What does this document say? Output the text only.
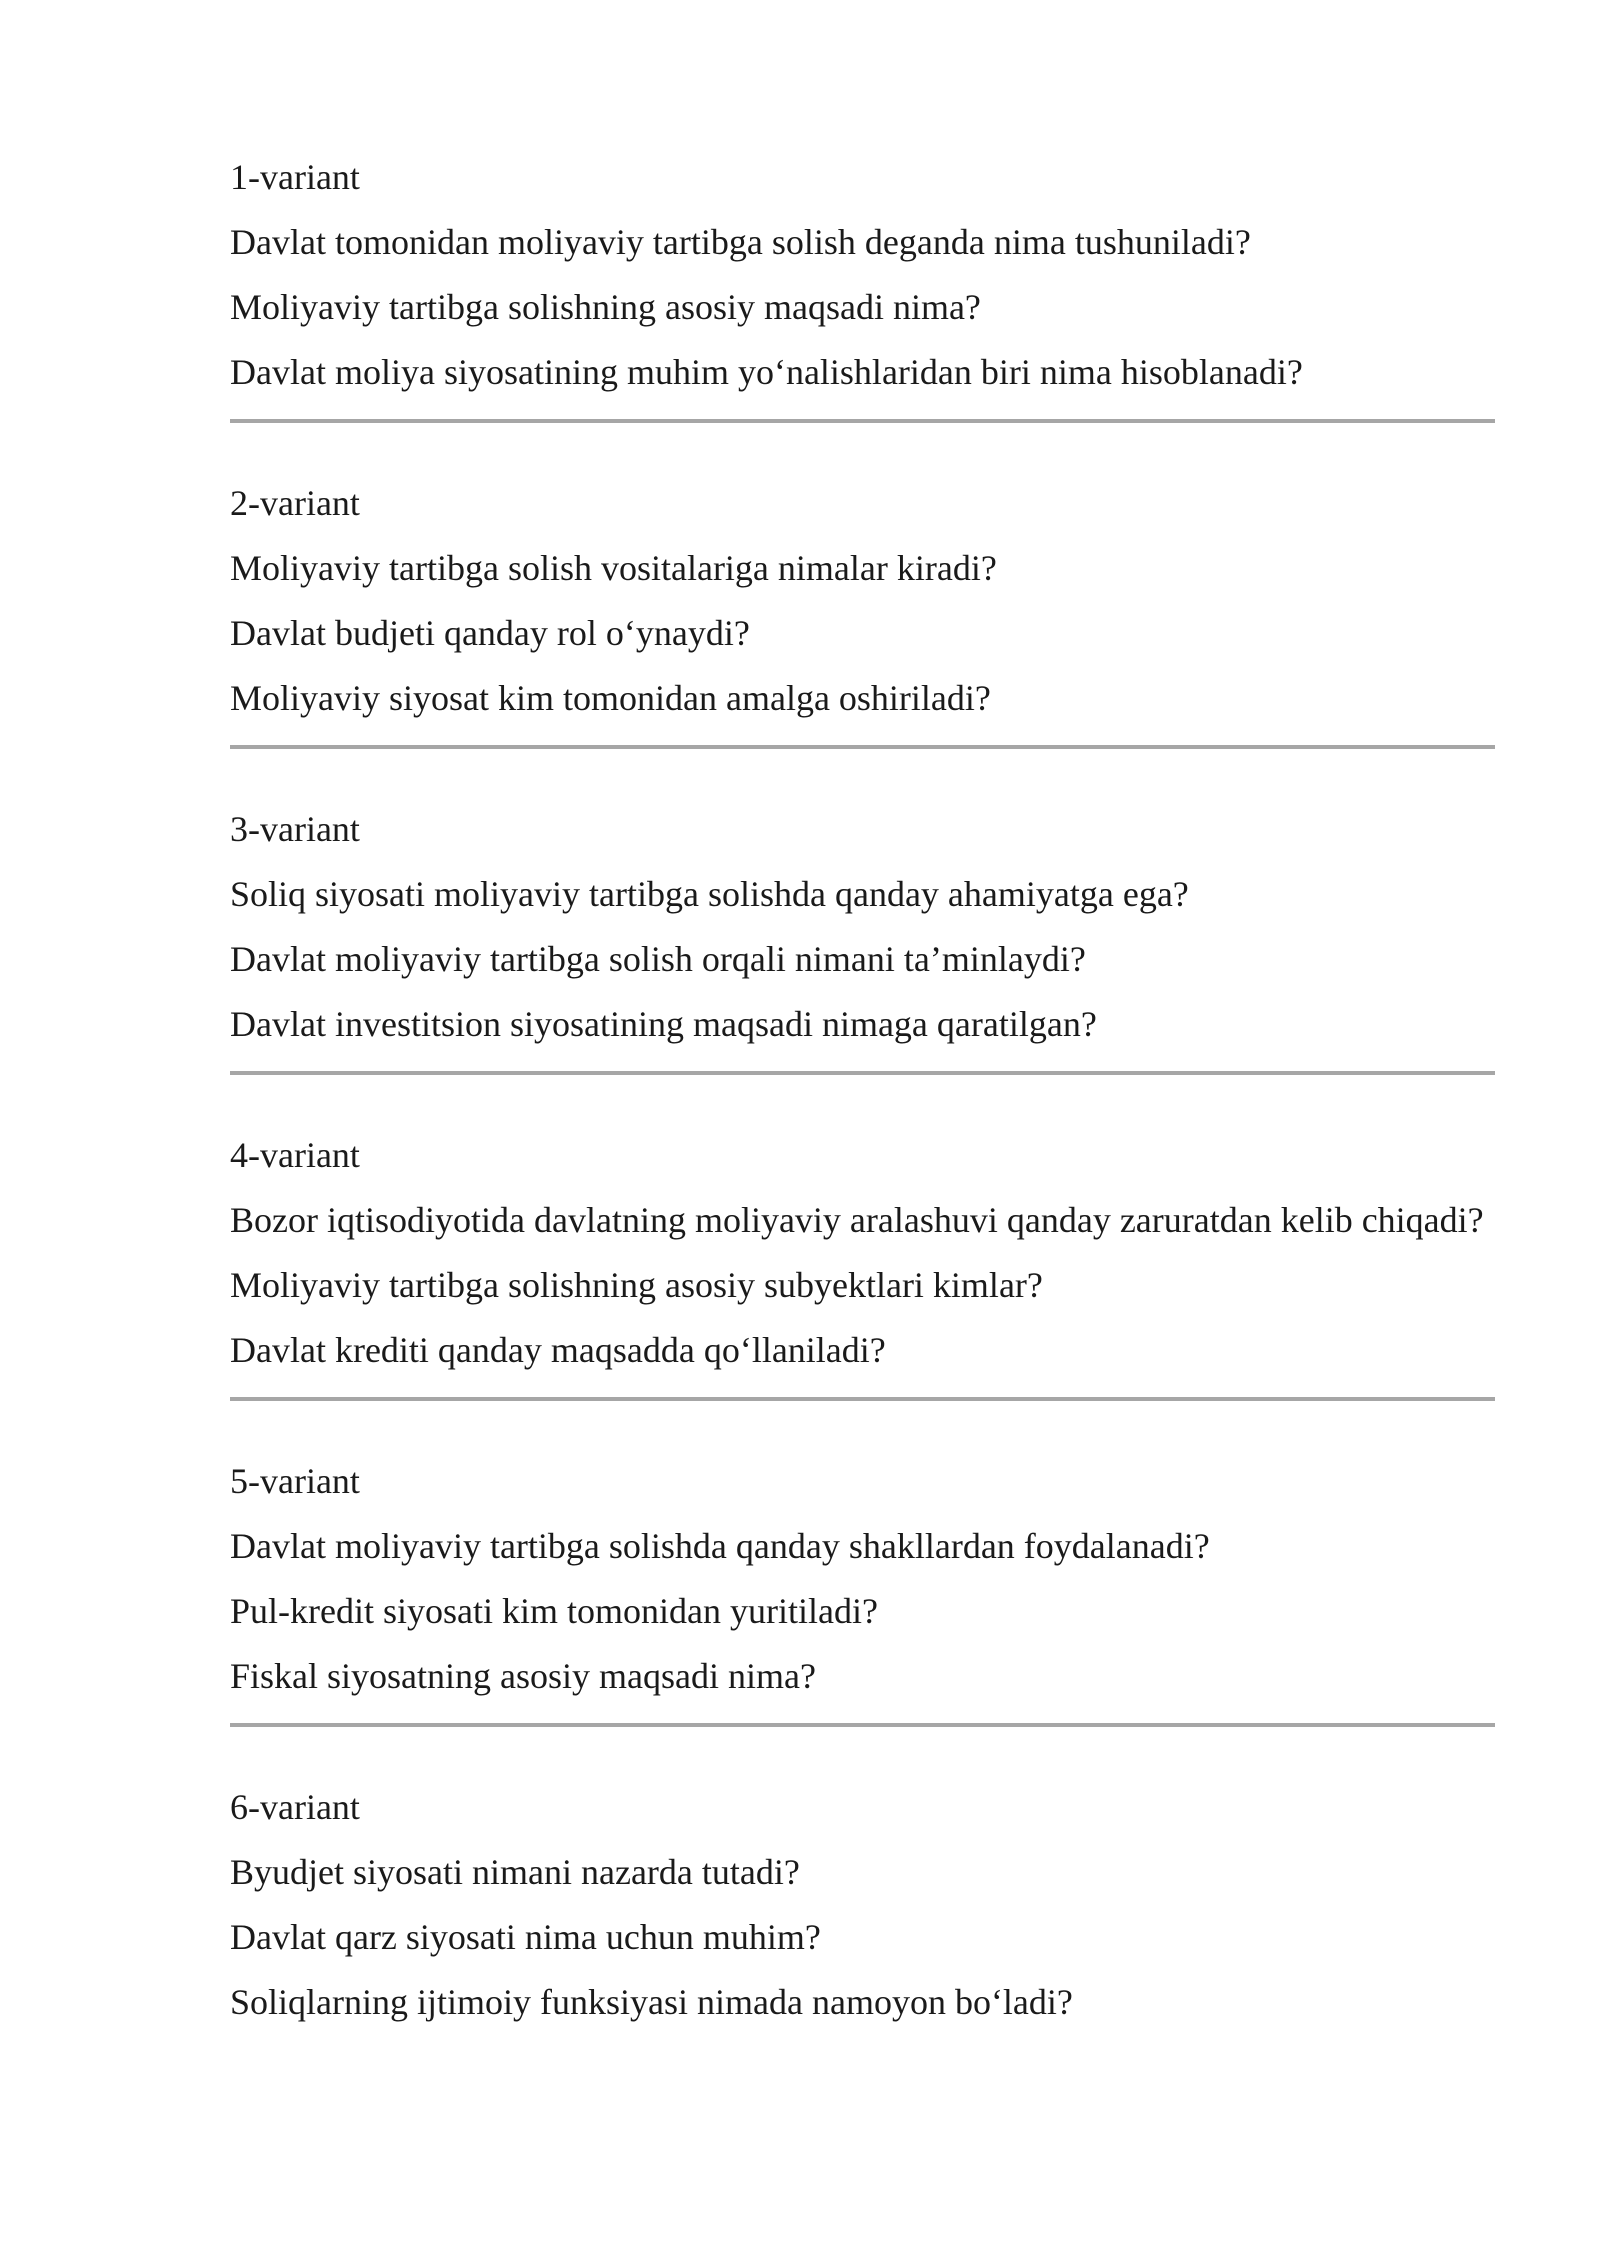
1-variant
Davlat tomonidan moliyaviy tartibga solish deganda nima tushuniladi?
Moliyaviy tartibga solishning asosiy maqsadi nima?
Davlat moliya siyosatining muhim yo‘nalishlaridan biri nima hisoblanadi?
2-variant
Moliyaviy tartibga solish vositalariga nimalar kiradi?
Davlat budjeti qanday rol o‘ynaydi?
Moliyaviy siyosat kim tomonidan amalga oshiriladi?
3-variant
Soliq siyosati moliyaviy tartibga solishda qanday ahamiyatga ega?
Davlat moliyaviy tartibga solish orqali nimani ta’minlaydi?
Davlat investitsion siyosatining maqsadi nimaga qaratilgan?
4-variant
Bozor iqtisodiyotida davlatning moliyaviy aralashuvi qanday zaruratdan kelib chiqadi?
Moliyaviy tartibga solishning asosiy subyektlari kimlar?
Davlat krediti qanday maqsadda qo‘llaniladi?
5-variant
Davlat moliyaviy tartibga solishda qanday shakllardan foydalanadi?
Pul-kredit siyosati kim tomonidan yuritiladi?
Fiskal siyosatning asosiy maqsadi nima?
6-variant
Byudjet siyosati nimani nazarda tutadi?
Davlat qarz siyosati nima uchun muhim?
Soliqlarning ijtimoiy funksiyasi nimada namoyon bo‘ladi?
